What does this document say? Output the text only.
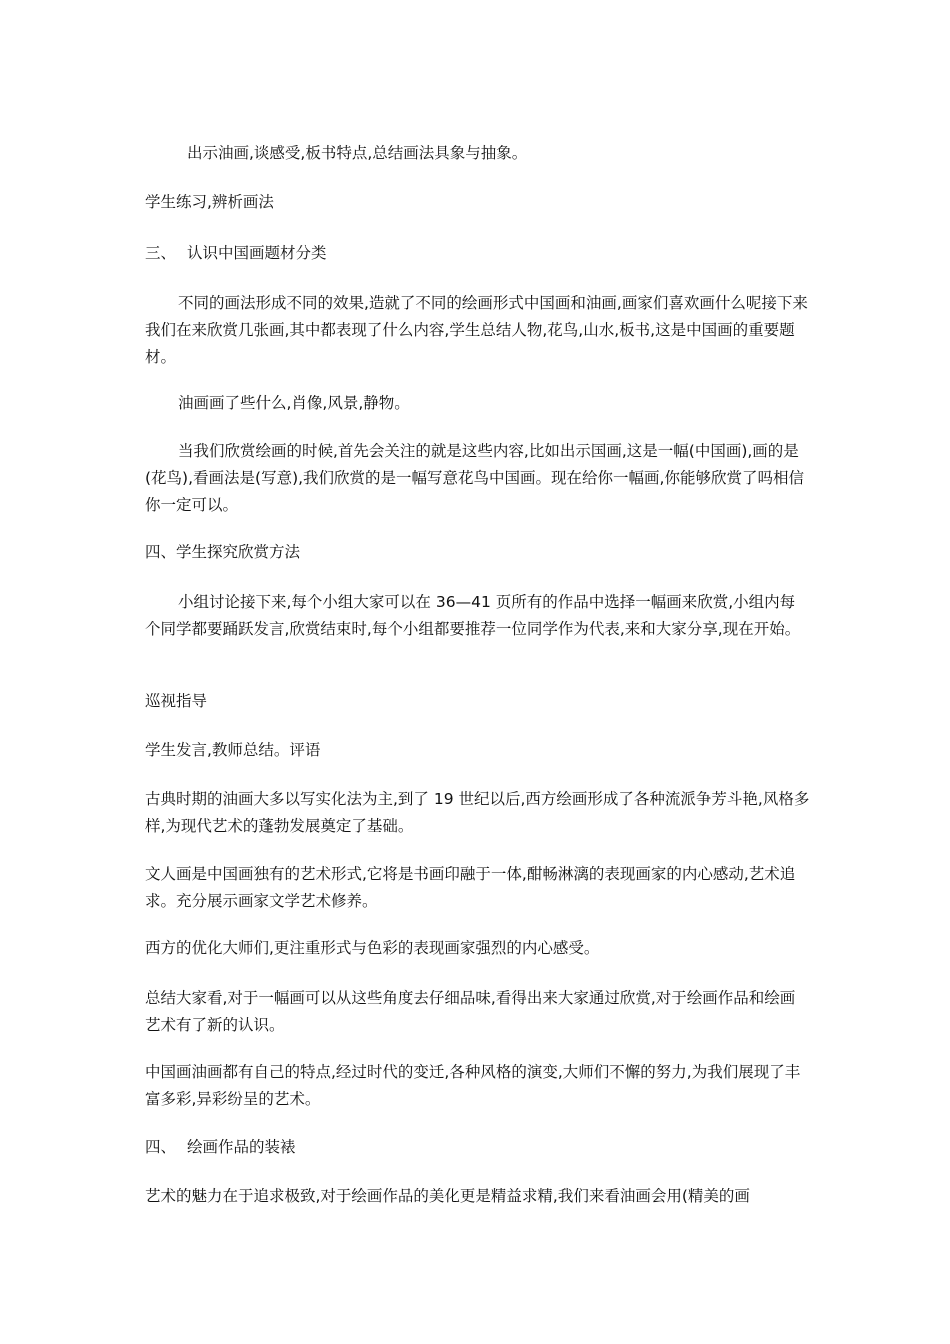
出示油画,谈感受,板书特点,总结画法具象与抽象。

学生练习,辨析画法

三、 认识中国画题材分类

不同的画法形成不同的效果,造就了不同的绘画形式中国画和油画,画家们喜欢画什么呢接下来我们在来欣赏几张画,其中都表现了什么内容,学生总结人物,花鸟,山水,板书,这是中国画的重要题材。

油画画了些什么,肖像,风景,静物。

当我们欣赏绘画的时候,首先会关注的就是这些内容,比如出示国画,这是一幅(中国画),画的是(花鸟),看画法是(写意),我们欣赏的是一幅写意花鸟中国画。现在给你一幅画,你能够欣赏了吗相信你一定可以。

四、学生探究欣赏方法

小组讨论接下来,每个小组大家可以在 36—41 页所有的作品中选择一幅画来欣赏,小组内每个同学都要踊跃发言,欣赏结束时,每个小组都要推荐一位同学作为代表,来和大家分享,现在开始。

巡视指导

学生发言,教师总结。评语

古典时期的油画大多以写实化法为主,到了 19 世纪以后,西方绘画形成了各种流派争芳斗艳,风格多样,为现代艺术的蓬勃发展奠定了基础。

文人画是中国画独有的艺术形式,它将是书画印融于一体,酣畅淋漓的表现画家的内心感动,艺术追求。充分展示画家文学艺术修养。

西方的优化大师们,更注重形式与色彩的表现画家强烈的内心感受。

总结大家看,对于一幅画可以从这些角度去仔细品味,看得出来大家通过欣赏,对于绘画作品和绘画艺术有了新的认识。

中国画油画都有自己的特点,经过时代的变迁,各种风格的演变,大师们不懈的努力,为我们展现了丰富多彩,异彩纷呈的艺术。

四、 绘画作品的装裱

艺术的魅力在于追求极致,对于绘画作品的美化更是精益求精,我们来看油画会用(精美的画
